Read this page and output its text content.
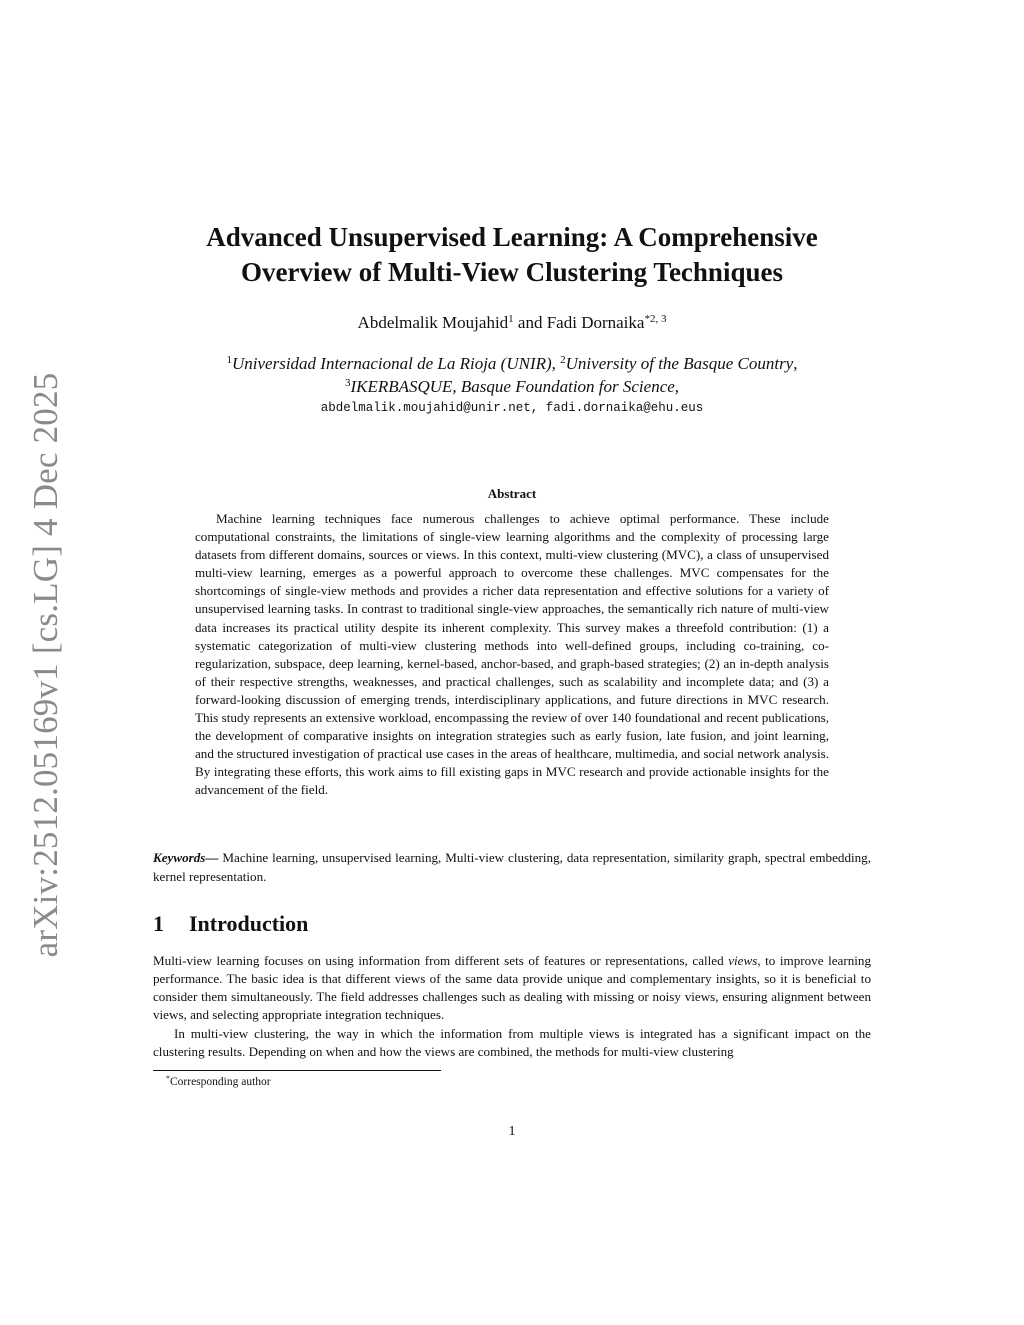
arXiv:2512.05169v1 [cs.LG] 4 Dec 2025
Advanced Unsupervised Learning: A Comprehensive
Overview of Multi-View Clustering Techniques
Abdelmalik Moujahid$^1$ and Fadi Dornaika$^{*2, 3}$
$^1$Universidad Internacional de La Rioja (UNIR), $^2$University of the Basque Country,
$^3$IKERBASQUE, Basque Foundation for Science,
abdelmalik.moujahid@unir.net, fadi.dornaika@ehu.eus
Abstract

Machine learning techniques face numerous challenges to achieve optimal performance. These include computational constraints, the limitations of single-view learning algorithms and the complexity of processing large datasets from different domains, sources or views. In this context, multi-view clustering (MVC), a class of unsupervised multi-view learning, emerges as a powerful approach to overcome these challenges. MVC compensates for the shortcomings of single-view methods and provides a richer data representation and effective solutions for a variety of unsupervised learning tasks. In contrast to traditional single-view approaches, the semantically rich nature of multi-view data increases its practical utility despite its inherent complexity. This survey makes a threefold contribution: (1) a systematic categorization of multi-view clustering methods into well-defined groups, including co-training, co-regularization, subspace, deep learning, kernel-based, anchor-based, and graph-based strategies; (2) an in-depth analysis of their respective strengths, weaknesses, and practical challenges, such as scalability and incomplete data; and (3) a forward-looking discussion of emerging trends, interdisciplinary applications, and future directions in MVC research. This study represents an extensive workload, encompassing the review of over 140 foundational and recent publications, the development of comparative insights on integration strategies such as early fusion, late fusion, and joint learning, and the structured investigation of practical use cases in the areas of healthcare, multimedia, and social network analysis. By integrating these efforts, this work aims to fill existing gaps in MVC research and provide actionable insights for the advancement of the field.

Keywords— Machine learning, unsupervised learning, Multi-view clustering, data representation, similarity graph, spectral embedding, kernel representation.

1 Introduction

Multi-view learning focuses on using information from different sets of features or representations, called views, to improve learning performance. The basic idea is that different views of the same data provide unique and complementary insights, so it is beneficial to consider them simultaneously. The field addresses challenges such as dealing with missing or noisy views, ensuring alignment between views, and selecting appropriate integration techniques.

In multi-view clustering, the way in which the information from multiple views is integrated has a significant impact on the clustering results. Depending on when and how the views are combined, the methods for multi-view clustering

*Corresponding author
1
